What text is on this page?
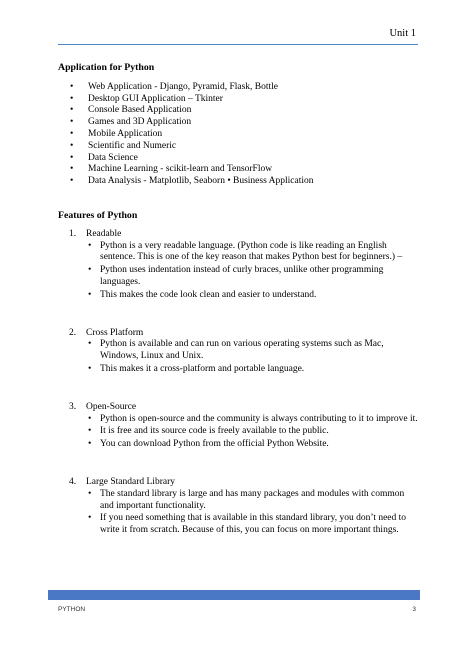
Unit 1
Application for Python
• Web Application - Django, Pyramid, Flask, Bottle
• Desktop GUI Application – Tkinter
• Console Based Application
• Games and 3D Application
• Mobile Application
• Scientific and Numeric
• Data Science
• Machine Learning - scikit-learn and TensorFlow
• Data Analysis - Matplotlib, Seaborn • Business Application
Features of Python
1. Readable
• Python is a very readable language. (Python code is like reading an English sentence. This is one of the key reason that makes Python best for beginners.) –
• Python uses indentation instead of curly braces, unlike other programming languages.
• This makes the code look clean and easier to understand.
2. Cross Platform
• Python is available and can run on various operating systems such as Mac, Windows, Linux and Unix.
• This makes it a cross-platform and portable language.
3. Open-Source
• Python is open-source and the community is always contributing to it to improve it.
• It is free and its source code is freely available to the public.
• You can download Python from the official Python Website.
4. Large Standard Library
• The standard library is large and has many packages and modules with common and important functionality.
• If you need something that is available in this standard library, you don’t need to write it from scratch. Because of this, you can focus on more important things.
PYTHON	3
